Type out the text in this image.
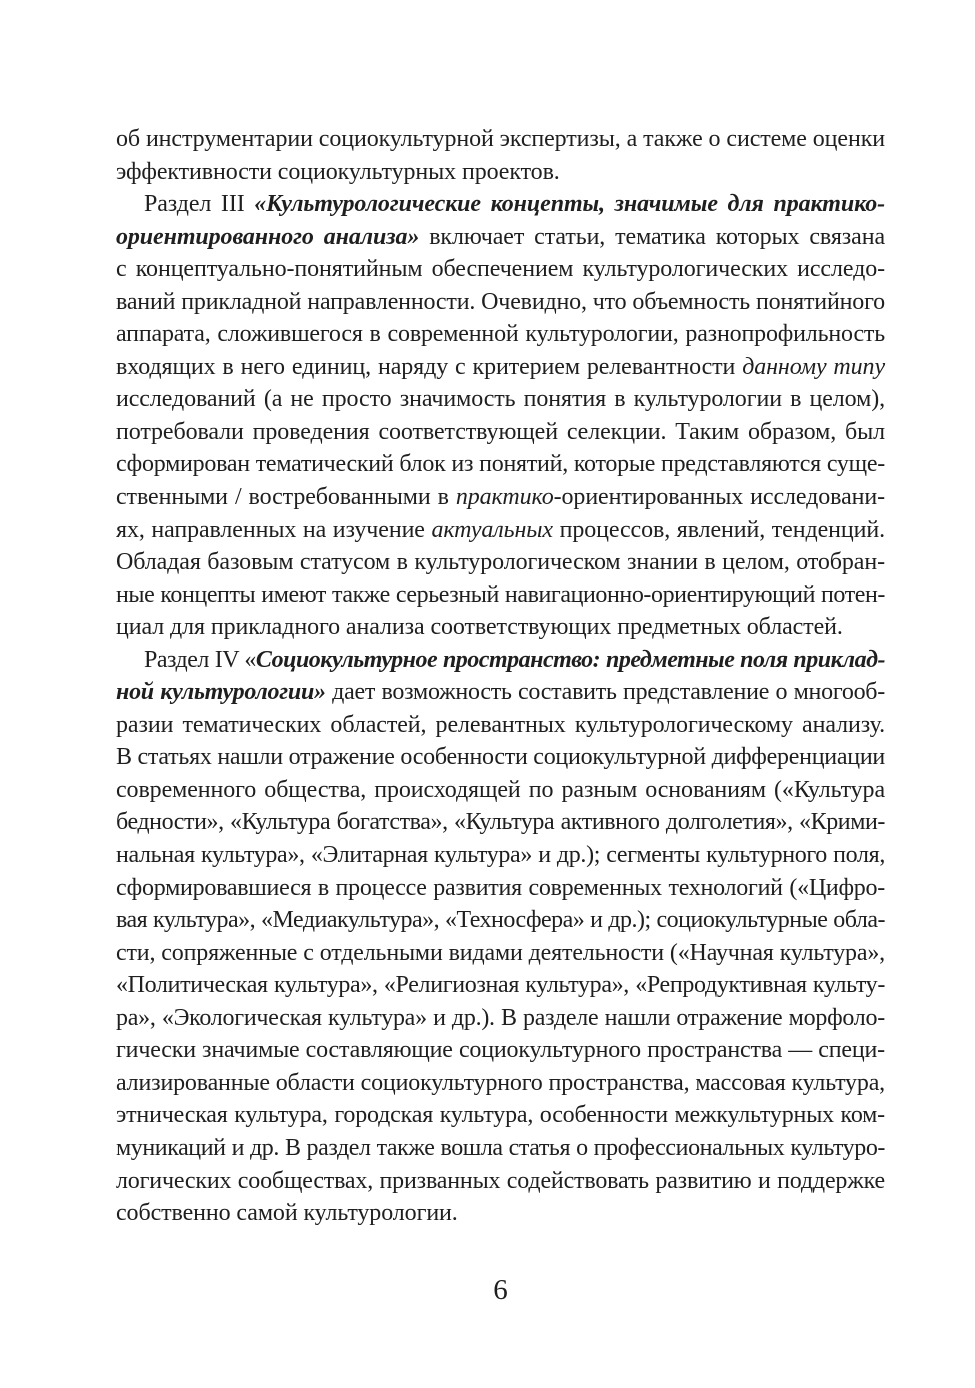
об инструментарии социокультурной экспертизы, а также о системе оценки
эффективности социокультурных проектов.
Раздел III «Культурологические концепты, значимые для практико-
ориентированного анализа» включает статьи, тематика которых связана
с концептуально-понятийным обеспечением культурологических исследо-
ваний прикладной направленности. Очевидно, что объемность понятийного
аппарата, сложившегося в современной культурологии, разнопрофильность
входящих в него единиц, наряду с критерием релевантности данному типу
исследований (а не просто значимость понятия в культурологии в целом),
потребовали проведения соответствующей селекции. Таким образом, был
сформирован тематический блок из понятий, которые представляются суще-
ственными / востребованными в практико-ориентированных исследовани-
ях, направленных на изучение актуальных процессов, явлений, тенденций.
Обладая базовым статусом в культурологическом знании в целом, отобран-
ные концепты имеют также серьезный навигационно-ориентирующий потен-
циал для прикладного анализа соответствующих предметных областей.
Раздел IV «Социокультурное пространство: предметные поля приклад-
ной культурологии» дает возможность составить представление о многооб-
разии тематических областей, релевантных культурологическому анализу.
В статьях нашли отражение особенности социокультурной дифференциации
современного общества, происходящей по разным основаниям («Культура
бедности», «Культура богатства», «Культура активного долголетия», «Крими-
нальная культура», «Элитарная культура» и др.); сегменты культурного поля,
сформировавшиеся в процессе развития современных технологий («Цифро-
вая культура», «Медиакультура», «Техносфера» и др.); социокультурные обла-
сти, сопряженные с отдельными видами деятельности («Научная культура»,
«Политическая культура», «Религиозная культура», «Репродуктивная культу-
ра», «Экологическая культура» и др.). В разделе нашли отражение морфоло-
гически значимые составляющие социокультурного пространства — специ-
ализированные области социокультурного пространства, массовая культура,
этническая культура, городская культура, особенности межкультурных ком-
муникаций и др. В раздел также вошла статья о профессиональных культуро-
логических сообществах, призванных содействовать развитию и поддержке
собственно самой культурологии.
6
